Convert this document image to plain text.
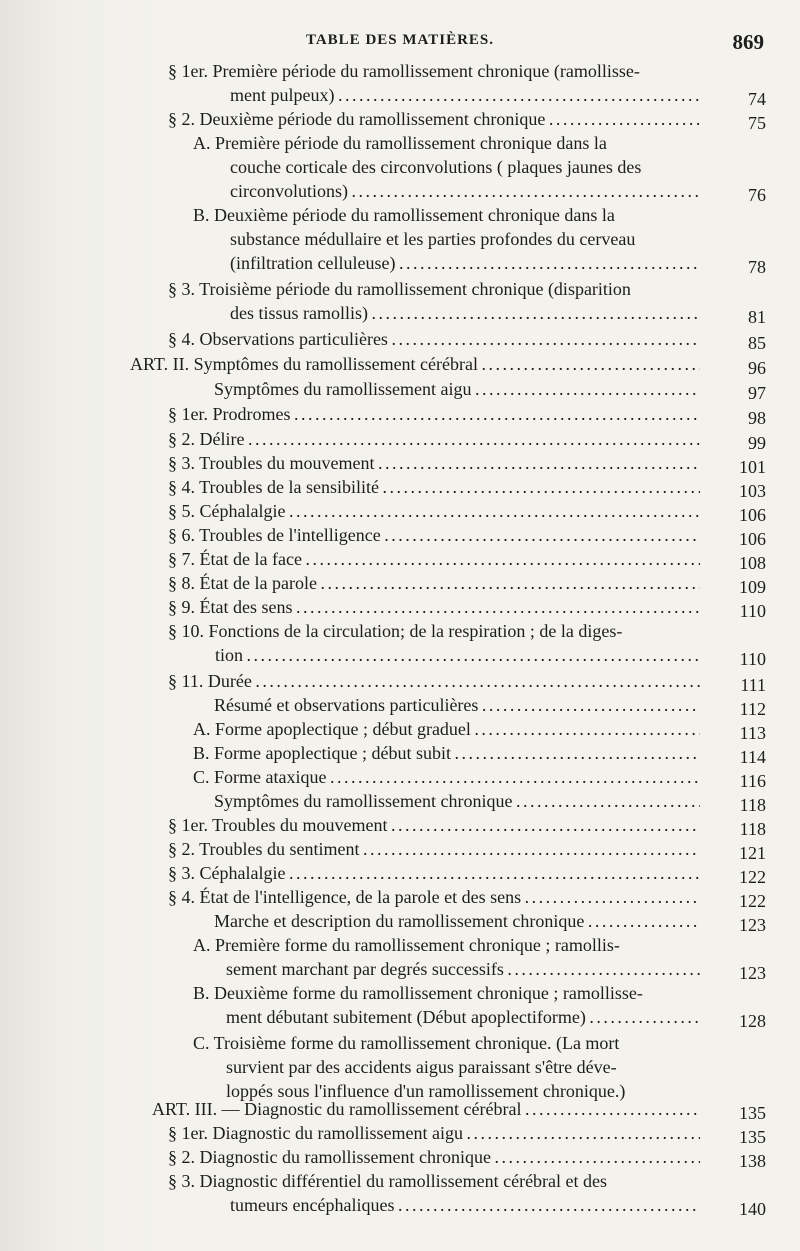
TABLE DES MATIÈRES.	869
§ 1er. Première période du ramollissement chronique (ramollisse-
ment pulpeux) . . .	74
§ 2. Deuxième période du ramollissement chronique . . .	75
A. Première période du ramollissement chronique dans la
couche corticale des circonvolutions ( plaques jaunes des
circonvolutions) . . .	76
B. Deuxième période du ramollissement chronique dans la
substance médullaire et les parties profondes du cerveau
(infiltration celluleuse) . . .	78
§ 3. Troisième période du ramollissement chronique (disparition
des tissus ramollis) . . .	81
§ 4. Observations particulières . . .	85
ART. II. Symptômes du ramollissement cérébral . . .	96
Symptômes du ramollissement aigu . . .	97
§ 1er. Prodromes . . .	98
§ 2. Délire . . .	99
§ 3. Troubles du mouvement . . .	101
§ 4. Troubles de la sensibilité . . .	103
§ 5. Céphalalgie . . .	106
§ 6. Troubles de l'intelligence . . .	106
§ 7. État de la face . . .	108
§ 8. État de la parole . . .	109
§ 9. État des sens . . .	110
§ 10. Fonctions de la circulation; de la respiration ; de la diges-
tion . . .	110
§ 11. Durée . . .	111
Résumé et observations particulières . . .	112
A. Forme apoplectique ; début graduel . . .	113
B. Forme apoplectique ; début subit . . .	114
C. Forme ataxique . . .	116
Symptômes du ramollissement chronique . . .	118
§ 1er. Troubles du mouvement . . .	118
§ 2. Troubles du sentiment . . .	121
§ 3. Céphalalgie . . .	122
§ 4. État de l'intelligence, de la parole et des sens . . .	122
Marche et description du ramollissement chronique . . .	123
A. Première forme du ramollissement chronique ; ramollis-
sement marchant par degrés successifs . . .	123
B. Deuxième forme du ramollissement chronique ; ramollisse-
ment débutant subitement (Début apoplectiforme) . . .	128
C. Troisième forme du ramollissement chronique. (La mort
survient par des accidents aigus paraissant s'être déve-
loppés sous l'influence d'un ramollissement chronique.)
ART. III. — Diagnostic du ramollissement cérébral . . .	135
§ 1er. Diagnostic du ramollissement aigu . . .	135
§ 2. Diagnostic du ramollissement chronique . . .	138
§ 3. Diagnostic différentiel du ramollissement cérébral et des
tumeurs encéphaliques . . .	140
